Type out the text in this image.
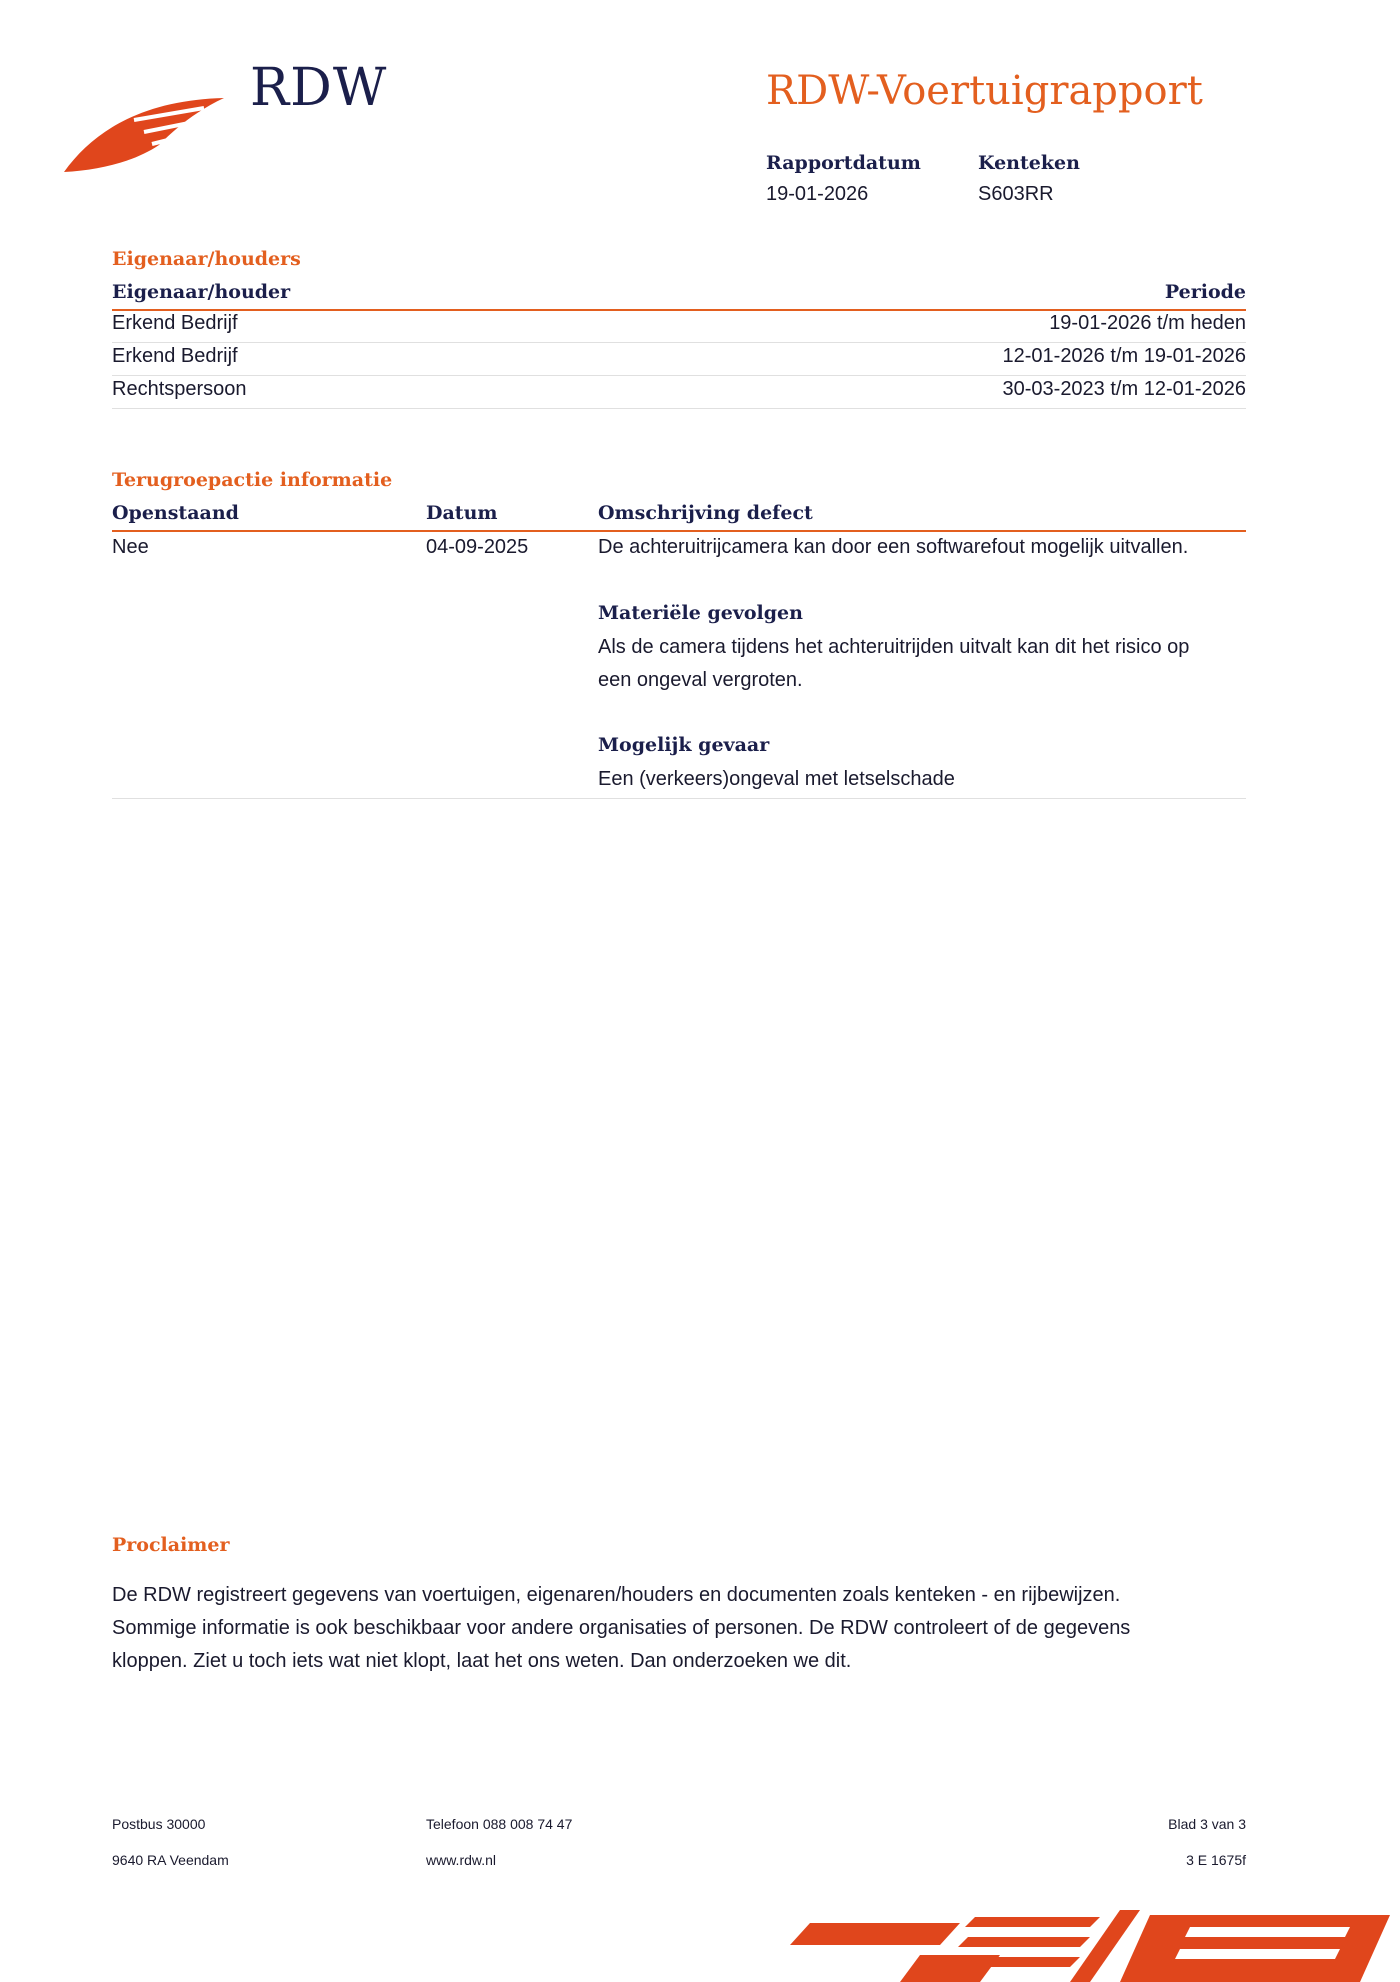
RDW	RDW-Voertuigrapport
Rapportdatum
19-01-2026
Kenteken
S603RR
Eigenaar/houders
Eigenaar/houder	Periode
Erkend Bedrijf	19-01-2026 t/m heden
Erkend Bedrijf	12-01-2026 t/m 19-01-2026
Rechtspersoon	30-03-2023 t/m 12-01-2026
Terugroepactie informatie
Openstaand	Datum	Omschrijving defect
Nee	04-09-2025	De achteruitrijcamera kan door een softwarefout mogelijk uitvallen.
Materiële gevolgen
Als de camera tijdens het achteruitrijden uitvalt kan dit het risico op
een ongeval vergroten.
Mogelijk gevaar
Een (verkeers)ongeval met letselschade
Proclaimer
De RDW registreert gegevens van voertuigen, eigenaren/houders en documenten zoals kenteken - en rijbewijzen.
Sommige informatie is ook beschikbaar voor andere organisaties of personen. De RDW controleert of de gegevens
kloppen. Ziet u toch iets wat niet klopt, laat het ons weten. Dan onderzoeken we dit.
Postbus 30000
9640 RA Veendam
Telefoon 088 008 74 47
www.rdw.nl
Blad 3 van 3
3 E 1675f
